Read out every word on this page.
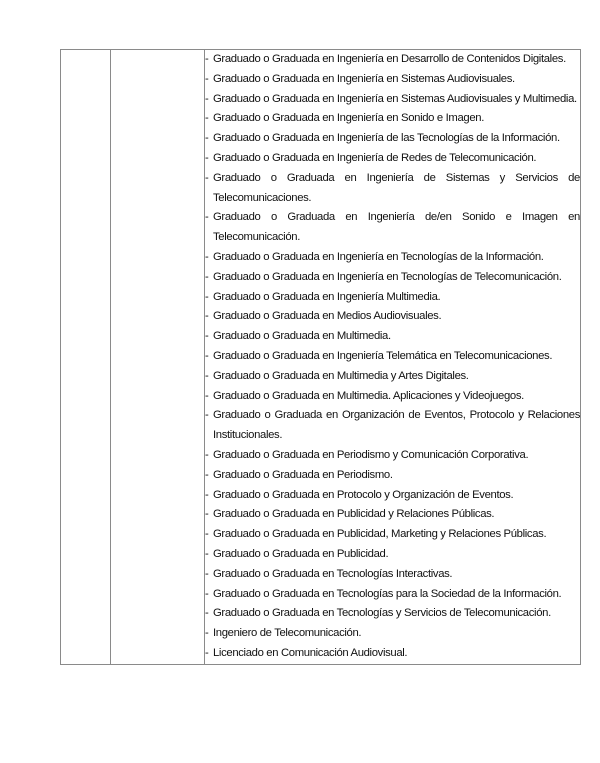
- Graduado o Graduada en Ingeniería en Desarrollo de Contenidos Digitales.
- Graduado o Graduada en Ingeniería en Sistemas Audiovisuales.
- Graduado o Graduada en Ingeniería en Sistemas Audiovisuales y Multimedia.
- Graduado o Graduada en Ingeniería en Sonido e Imagen.
- Graduado o Graduada en Ingeniería de las Tecnologías de la Información.
- Graduado o Graduada en Ingeniería de Redes de Telecomunicación.
- Graduado o Graduada en Ingeniería de Sistemas y Servicios de Telecomunicaciones.
- Graduado o Graduada en Ingeniería de/en Sonido e Imagen en Telecomunicación.
- Graduado o Graduada en Ingeniería en Tecnologías de la Información.
- Graduado o Graduada en Ingeniería en Tecnologías de Telecomunicación.
- Graduado o Graduada en Ingeniería Multimedia.
- Graduado o Graduada en Medios Audiovisuales.
- Graduado o Graduada en Multimedia.
- Graduado o Graduada en Ingeniería Telemática en Telecomunicaciones.
- Graduado o Graduada en Multimedia y Artes Digitales.
- Graduado o Graduada en Multimedia. Aplicaciones y Videojuegos.
- Graduado o Graduada en Organización de Eventos, Protocolo y Relaciones Institucionales.
- Graduado o Graduada en Periodismo y Comunicación Corporativa.
- Graduado o Graduada en Periodismo.
- Graduado o Graduada en Protocolo y Organización de Eventos.
- Graduado o Graduada en Publicidad y Relaciones Públicas.
- Graduado o Graduada en Publicidad, Marketing y Relaciones Públicas.
- Graduado o Graduada en Publicidad.
- Graduado o Graduada en Tecnologías Interactivas.
- Graduado o Graduada en Tecnologías para la Sociedad de la Información.
- Graduado o Graduada en Tecnologías y Servicios de Telecomunicación.
- Ingeniero de Telecomunicación.
- Licenciado en Comunicación Audiovisual.
